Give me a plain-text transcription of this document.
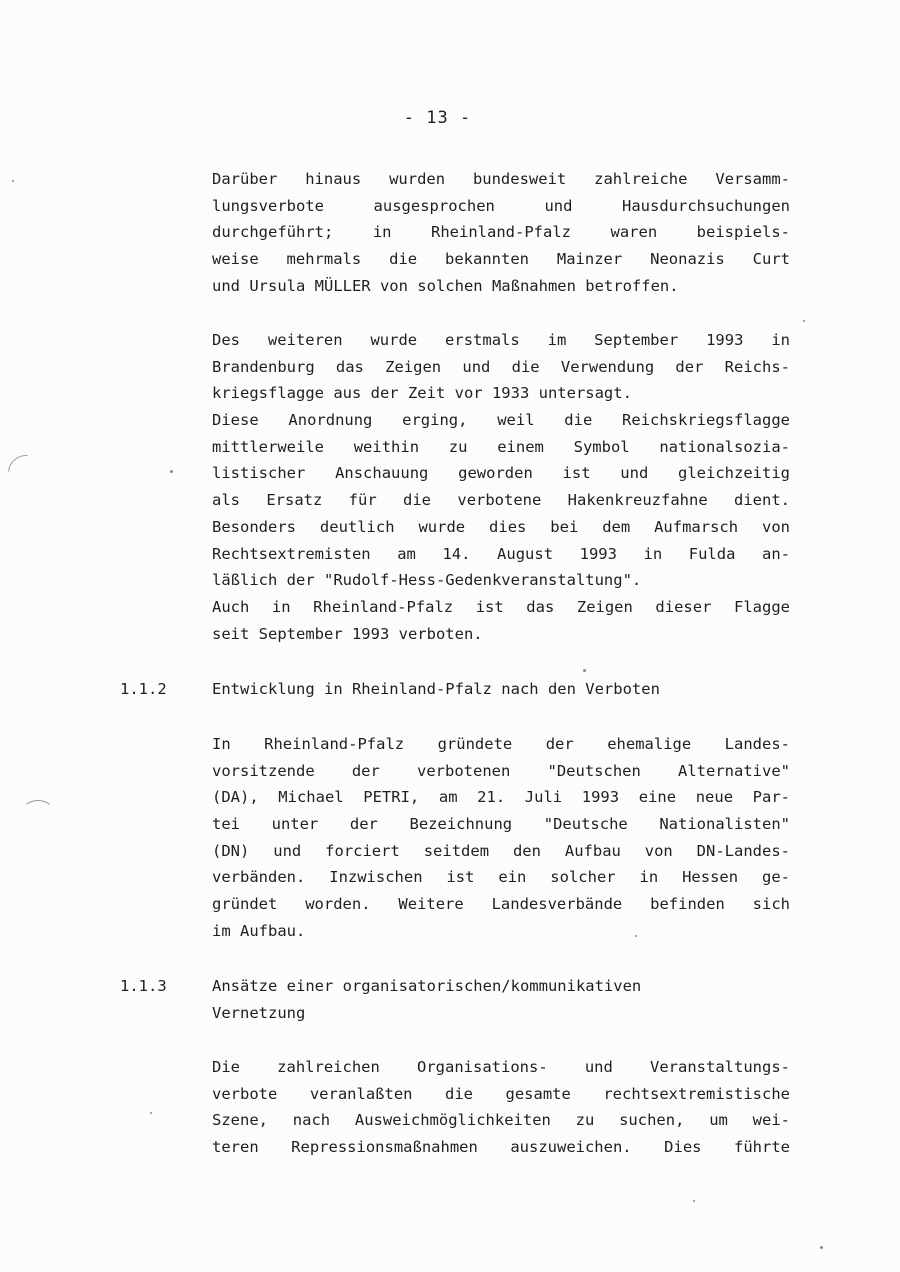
- 13 -
Darüber hinaus wurden bundesweit zahlreiche Versamm-
lungsverbote ausgesprochen und Hausdurchsuchungen
durchgeführt; in Rheinland-Pfalz waren beispiels-
weise mehrmals die bekannten Mainzer Neonazis Curt
und Ursula MÜLLER von solchen Maßnahmen betroffen.
Des weiteren wurde erstmals im September 1993 in
Brandenburg das Zeigen und die Verwendung der Reichs-
kriegsflagge aus der Zeit vor 1933 untersagt.
Diese Anordnung erging, weil die Reichskriegsflagge
mittlerweile weithin zu einem Symbol nationalsozia-
listischer Anschauung geworden ist und gleichzeitig
als Ersatz für die verbotene Hakenkreuzfahne dient.
Besonders deutlich wurde dies bei dem Aufmarsch von
Rechtsextremisten am 14. August 1993 in Fulda an-
läßlich der "Rudolf-Hess-Gedenkveranstaltung".
Auch in Rheinland-Pfalz ist das Zeigen dieser Flagge
seit September 1993 verboten.
1.1.2	Entwicklung in Rheinland-Pfalz nach den Verboten
In Rheinland-Pfalz gründete der ehemalige Landes-
vorsitzende der verbotenen "Deutschen Alternative"
(DA), Michael PETRI, am 21. Juli 1993 eine neue Par-
tei unter der Bezeichnung "Deutsche Nationalisten"
(DN) und forciert seitdem den Aufbau von DN-Landes-
verbänden. Inzwischen ist ein solcher in Hessen ge-
gründet worden. Weitere Landesverbände befinden sich
im Aufbau.
1.1.3	Ansätze einer organisatorischen/kommunikativen
Vernetzung
Die zahlreichen Organisations- und Veranstaltungs-
verbote veranlaßten die gesamte rechtsextremistische
Szene, nach Ausweichmöglichkeiten zu suchen, um wei-
teren Repressionsmaßnahmen auszuweichen. Dies führte
